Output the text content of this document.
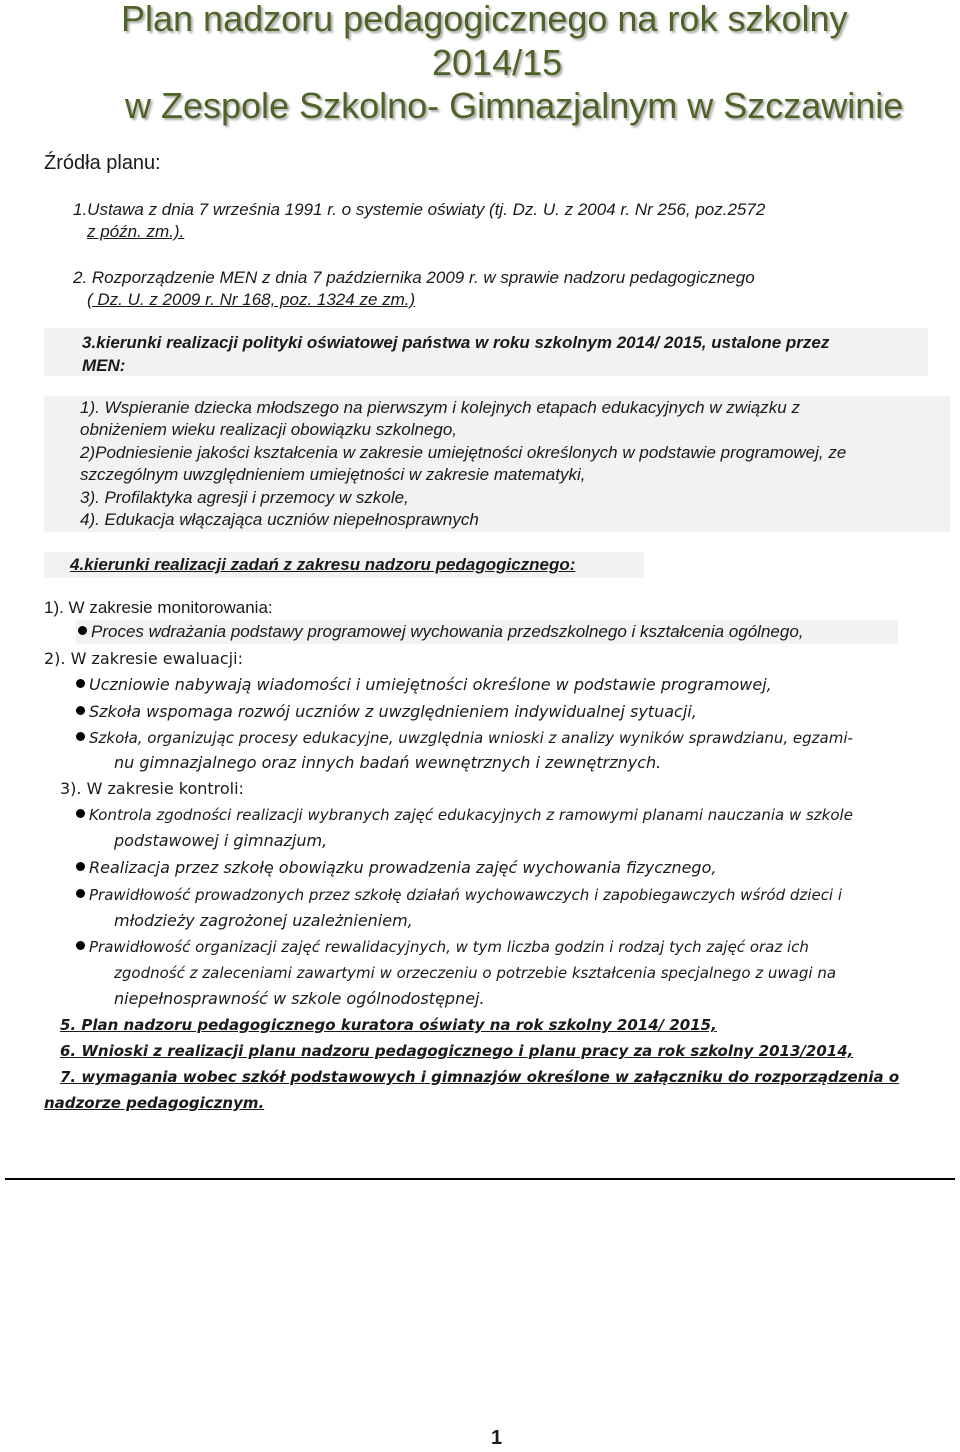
Plan nadzoru pedagogicznego na rok szkolny
2014/15
w Zespole Szkolno- Gimnazjalnym w Szczawinie
Źródła planu:
1.Ustawa z dnia 7 września 1991 r. o systemie oświaty (tj. Dz. U. z 2004 r. Nr 256, poz.2572
z późn. zm.).
2. Rozporządzenie MEN z dnia 7 października 2009 r. w sprawie nadzoru pedagogicznego
( Dz. U. z 2009 r. Nr 168, poz. 1324 ze zm.)
3.kierunki realizacji polityki oświatowej państwa w roku szkolnym 2014/ 2015, ustalone przez
MEN:
1). Wspieranie dziecka młodszego na pierwszym i kolejnych etapach edukacyjnych w związku z
obniżeniem wieku realizacji obowiązku szkolnego,
2)Podniesienie jakości kształcenia w zakresie umiejętności określonych w podstawie programowej, ze
szczególnym uwzględnieniem umiejętności w zakresie matematyki,
3). Profilaktyka agresji i przemocy w szkole,
4). Edukacja włączająca uczniów niepełnosprawnych
4.kierunki realizacji zadań z zakresu nadzoru pedagogicznego:
1). W zakresie monitorowania:
Proces wdrażania podstawy programowej wychowania przedszkolnego i kształcenia ogólnego,
2). W zakresie ewaluacji:
Uczniowie nabywają wiadomości i umiejętności określone w podstawie programowej,
Szkoła wspomaga rozwój uczniów z uwzględnieniem indywidualnej sytuacji,
Szkoła, organizując procesy edukacyjne, uwzględnia wnioski z analizy wyników sprawdzianu, egzami-
nu gimnazjalnego oraz innych badań wewnętrznych i zewnętrznych.
3). W zakresie kontroli:
Kontrola zgodności realizacji wybranych zajęć edukacyjnych z ramowymi planami nauczania w szkole
podstawowej i gimnazjum,
Realizacja przez szkołę obowiązku prowadzenia zajęć wychowania fizycznego,
Prawidłowość prowadzonych przez szkołę działań wychowawczych i zapobiegawczych wśród dzieci i
młodzieży zagrożonej uzależnieniem,
Prawidłowość organizacji zajęć rewalidacyjnych, w tym liczba godzin i rodzaj tych zajęć oraz ich
zgodność z zaleceniami zawartymi w orzeczeniu o potrzebie kształcenia specjalnego z uwagi na
niepełnosprawność w szkole ogólnodostępnej.
5. Plan nadzoru pedagogicznego kuratora oświaty na rok szkolny 2014/ 2015,
6. Wnioski z realizacji planu nadzoru pedagogicznego i planu pracy za rok szkolny 2013/2014,
7. wymagania wobec szkół podstawowych i gimnazjów określone w załączniku do rozporządzenia o
nadzorze pedagogicznym.
1
